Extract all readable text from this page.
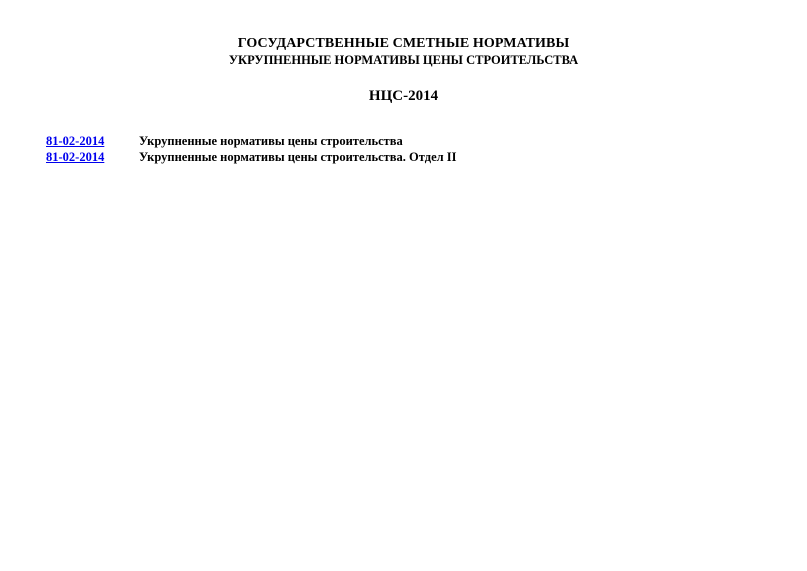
ГОСУДАРСТВЕННЫЕ СМЕТНЫЕ НОРМАТИВЫ
УКРУПНЕННЫЕ НОРМАТИВЫ ЦЕНЫ СТРОИТЕЛЬСТВА
НЦС-2014
81-02-2014	Укрупненные нормативы цены строительства
81-02-2014	Укрупненные нормативы цены строительства. Отдел II
